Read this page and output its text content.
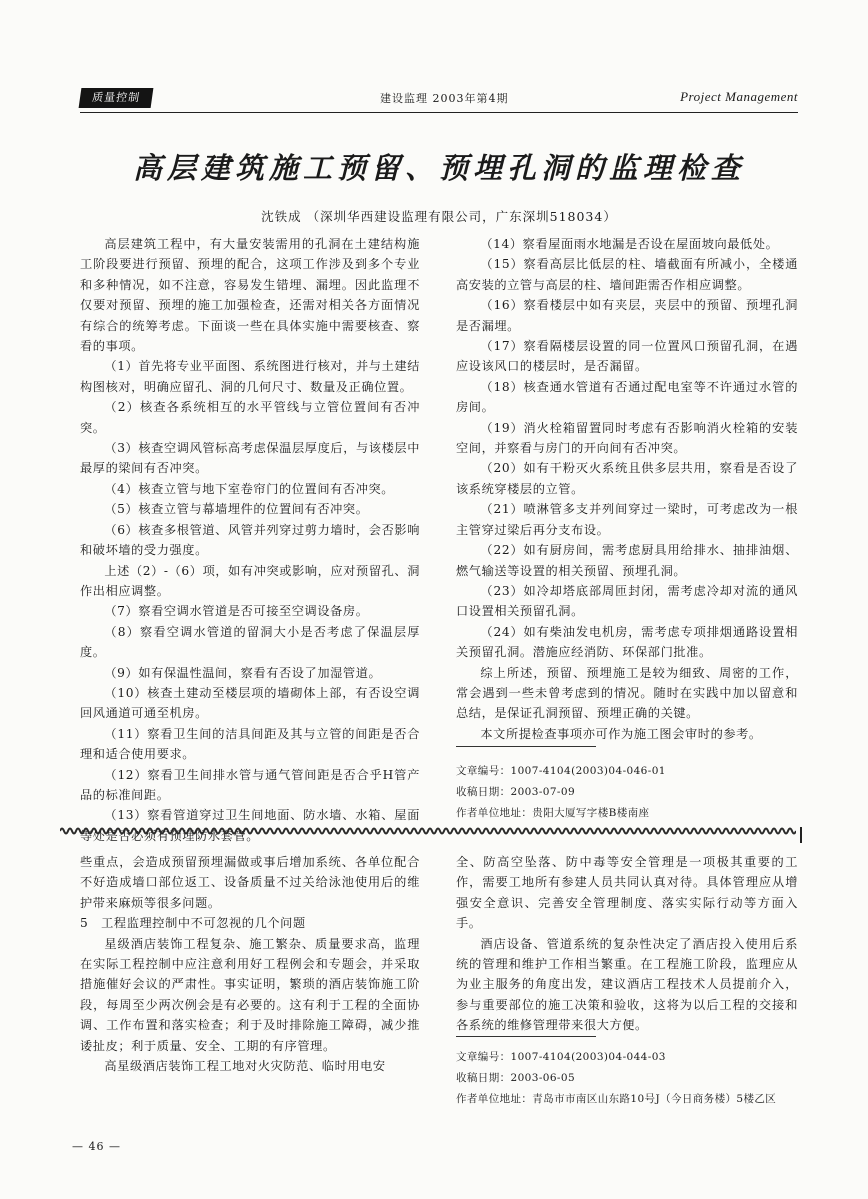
质量控制	建设监理 2003年第4期	Project Management
高层建筑施工预留、预埋孔洞的监理检查
沈铁成 （深圳华西建设监理有限公司，广东深圳518034）

高层建筑工程中，有大量安装需用的孔洞在土建结构施工阶段要进行预留、预埋的配合，这项工作涉及到多个专业和多种情况，如不注意，容易发生错埋、漏埋。因此监理不仅要对预留、预埋的施工加强检查，还需对相关各方面情况有综合的统筹考虑。下面谈一些在具体实施中需要核查、察看的事项。

（1）首先将专业平面图、系统图进行核对，并与土建结构图核对，明确应留孔、洞的几何尺寸、数量及正确位置。

（2）核查各系统相互的水平管线与立管位置间有否冲突。

（3）核查空调风管标高考虑保温层厚度后，与该楼层中最厚的梁间有否冲突。

（4）核查立管与地下室卷帘门的位置间有否冲突。

（5）核查立管与幕墙埋件的位置间有否冲突。

（6）核查多根管道、风管并列穿过剪力墙时，会否影响和破坏墙的受力强度。

上述（2）-（6）项，如有冲突或影响，应对预留孔、洞作出相应调整。

（7）察看空调水管道是否可接至空调设备房。

（8）察看空调水管道的留洞大小是否考虑了保温层厚度。

（9）如有保温性温间，察看有否设了加湿管道。

（10）核查土建动至楼层项的墙砌体上部，有否设空调回风通道可通至机房。

（11）察看卫生间的洁具间距及其与立管的间距是否合理和适合使用要求。

（12）察看卫生间排水管与通气管间距是否合乎H管产品的标准间距。

（13）察看管道穿过卫生间地面、防水墙、水箱、屋面等处是否必须有预埋防水套管。

（14）察看屋面雨水地漏是否设在屋面坡向最低处。

（15）察看高层比低层的柱、墙截面有所减小，全楼通高安装的立管与高层的柱、墙间距需否作相应调整。

（16）察看楼层中如有夹层，夹层中的预留、预埋孔洞是否漏埋。

（17）察看隔楼层设置的同一位置风口预留孔洞，在遇应设该风口的楼层时，是否漏留。

（18）核查通水管道有否通过配电室等不许通过水管的房间。

（19）消火栓箱留置同时考虑有否影响消火栓箱的安装空间，并察看与房门的开向间有否冲突。

（20）如有干粉灭火系统且供多层共用，察看是否设了该系统穿楼层的立管。

（21）喷淋管多支并列间穿过一梁时，可考虑改为一根主管穿过梁后再分支布设。

（22）如有厨房间，需考虑厨具用给排水、抽排油烟、燃气输送等设置的相关预留、预埋孔洞。

（23）如冷却塔底部周匝封闭，需考虑冷却对流的通风口设置相关预留孔洞。

（24）如有柴油发电机房，需考虑专项排烟通路设置相关预留孔洞。潜施应经消防、环保部门批准。

综上所述，预留、预埋施工是较为细致、周密的工作，常会遇到一些未曾考虑到的情况。随时在实践中加以留意和总结，是保证孔洞预留、预埋正确的关键。

本文所提检查事项亦可作为施工图会审时的参考。

文章编号：1007-4104(2003)04-046-01
收稿日期：2003-07-09
作者单位地址：贵阳大厦写字楼B楼南座

些重点，会造成预留预埋漏做或事后增加系统、各单位配合不好造成墙口部位返工、设备质量不过关给泳池使用后的维护带来麻烦等很多问题。

5　工程监理控制中不可忽视的几个问题

星级酒店装饰工程复杂、施工繁杂、质量要求高，监理在实际工程控制中应注意利用好工程例会和专题会，并采取措施催好会议的严肃性。事实证明，繁琐的酒店装饰施工阶段，每周至少两次例会是有必要的。这有利于工程的全面协调、工作布置和落实检查；利于及时排除施工障碍，减少推诿扯皮；利于质量、安全、工期的有序管理。

高星级酒店装饰工程工地对火灾防范、临时用电安

全、防高空坠落、防中毒等安全管理是一项极其重要的工作，需要工地所有参建人员共同认真对待。具体管理应从增强安全意识、完善安全管理制度、落实实际行动等方面入手。

酒店设备、管道系统的复杂性决定了酒店投入使用后系统的管理和维护工作相当繁重。在工程施工阶段，监理应从为业主服务的角度出发，建议酒店工程技术人员提前介入，参与重要部位的施工决策和验收，这将为以后工程的交接和各系统的维修管理带来很大方便。

文章编号：1007-4104(2003)04-044-03
收稿日期：2003-06-05
作者单位地址：青岛市市南区山东路10号J（今日商务楼）5楼乙区
— 46 —
